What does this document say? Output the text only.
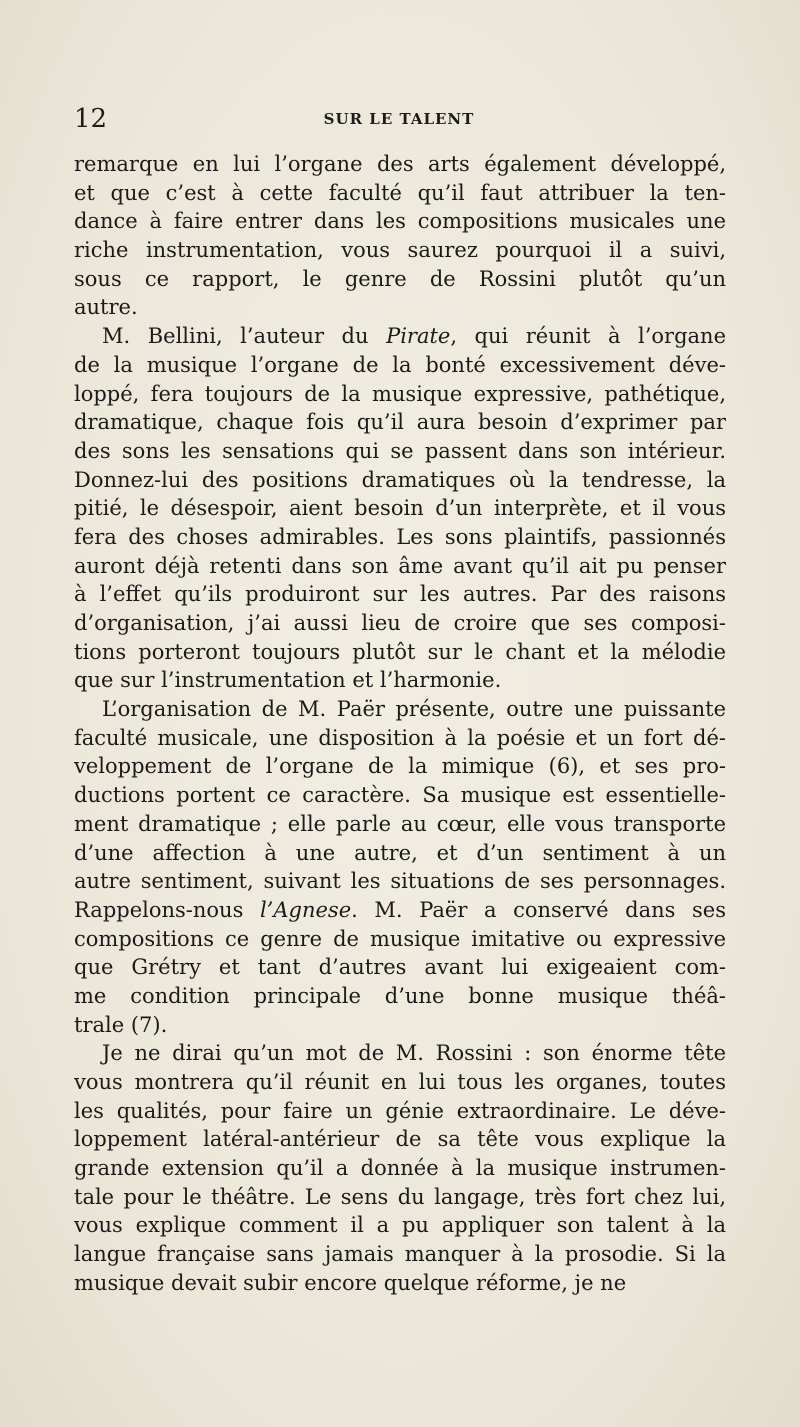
12	SUR LE TALENT
remarque en lui l’organe des arts également développé,
et que c’est à cette faculté qu’il faut attribuer la ten-
dance à faire entrer dans les compositions musicales une
riche instrumentation, vous saurez pourquoi il a suivi,
sous ce rapport, le genre de Rossini plutôt qu’un
autre.
M. Bellini, l’auteur du Pirate, qui réunit à l’organe
de la musique l’organe de la bonté excessivement déve-
loppé, fera toujours de la musique expressive, pathétique,
dramatique, chaque fois qu’il aura besoin d’exprimer par
des sons les sensations qui se passent dans son intérieur.
Donnez-lui des positions dramatiques où la tendresse, la
pitié, le désespoir, aient besoin d’un interprète, et il vous
fera des choses admirables. Les sons plaintifs, passionnés
auront déjà retenti dans son âme avant qu’il ait pu penser
à l’effet qu’ils produiront sur les autres. Par des raisons
d’organisation, j’ai aussi lieu de croire que ses composi-
tions porteront toujours plutôt sur le chant et la mélodie
que sur l’instrumentation et l’harmonie.
L’organisation de M. Paër présente, outre une puissante
faculté musicale, une disposition à la poésie et un fort dé-
veloppement de l’organe de la mimique (6), et ses pro-
ductions portent ce caractère. Sa musique est essentielle-
ment dramatique ; elle parle au cœur, elle vous transporte
d’une affection à une autre, et d’un sentiment à un
autre sentiment, suivant les situations de ses personnages.
Rappelons-nous l’Agnese. M. Paër a conservé dans ses
compositions ce genre de musique imitative ou expressive
que Grétry et tant d’autres avant lui exigeaient com-
me condition principale d’une bonne musique théâ-
trale (7).
Je ne dirai qu’un mot de M. Rossini : son énorme tête
vous montrera qu’il réunit en lui tous les organes, toutes
les qualités, pour faire un génie extraordinaire. Le déve-
loppement latéral-antérieur de sa tête vous explique la
grande extension qu’il a donnée à la musique instrumen-
tale pour le théâtre. Le sens du langage, très fort chez lui,
vous explique comment il a pu appliquer son talent à la
langue française sans jamais manquer à la prosodie. Si la
musique devait subir encore quelque réforme, je ne
